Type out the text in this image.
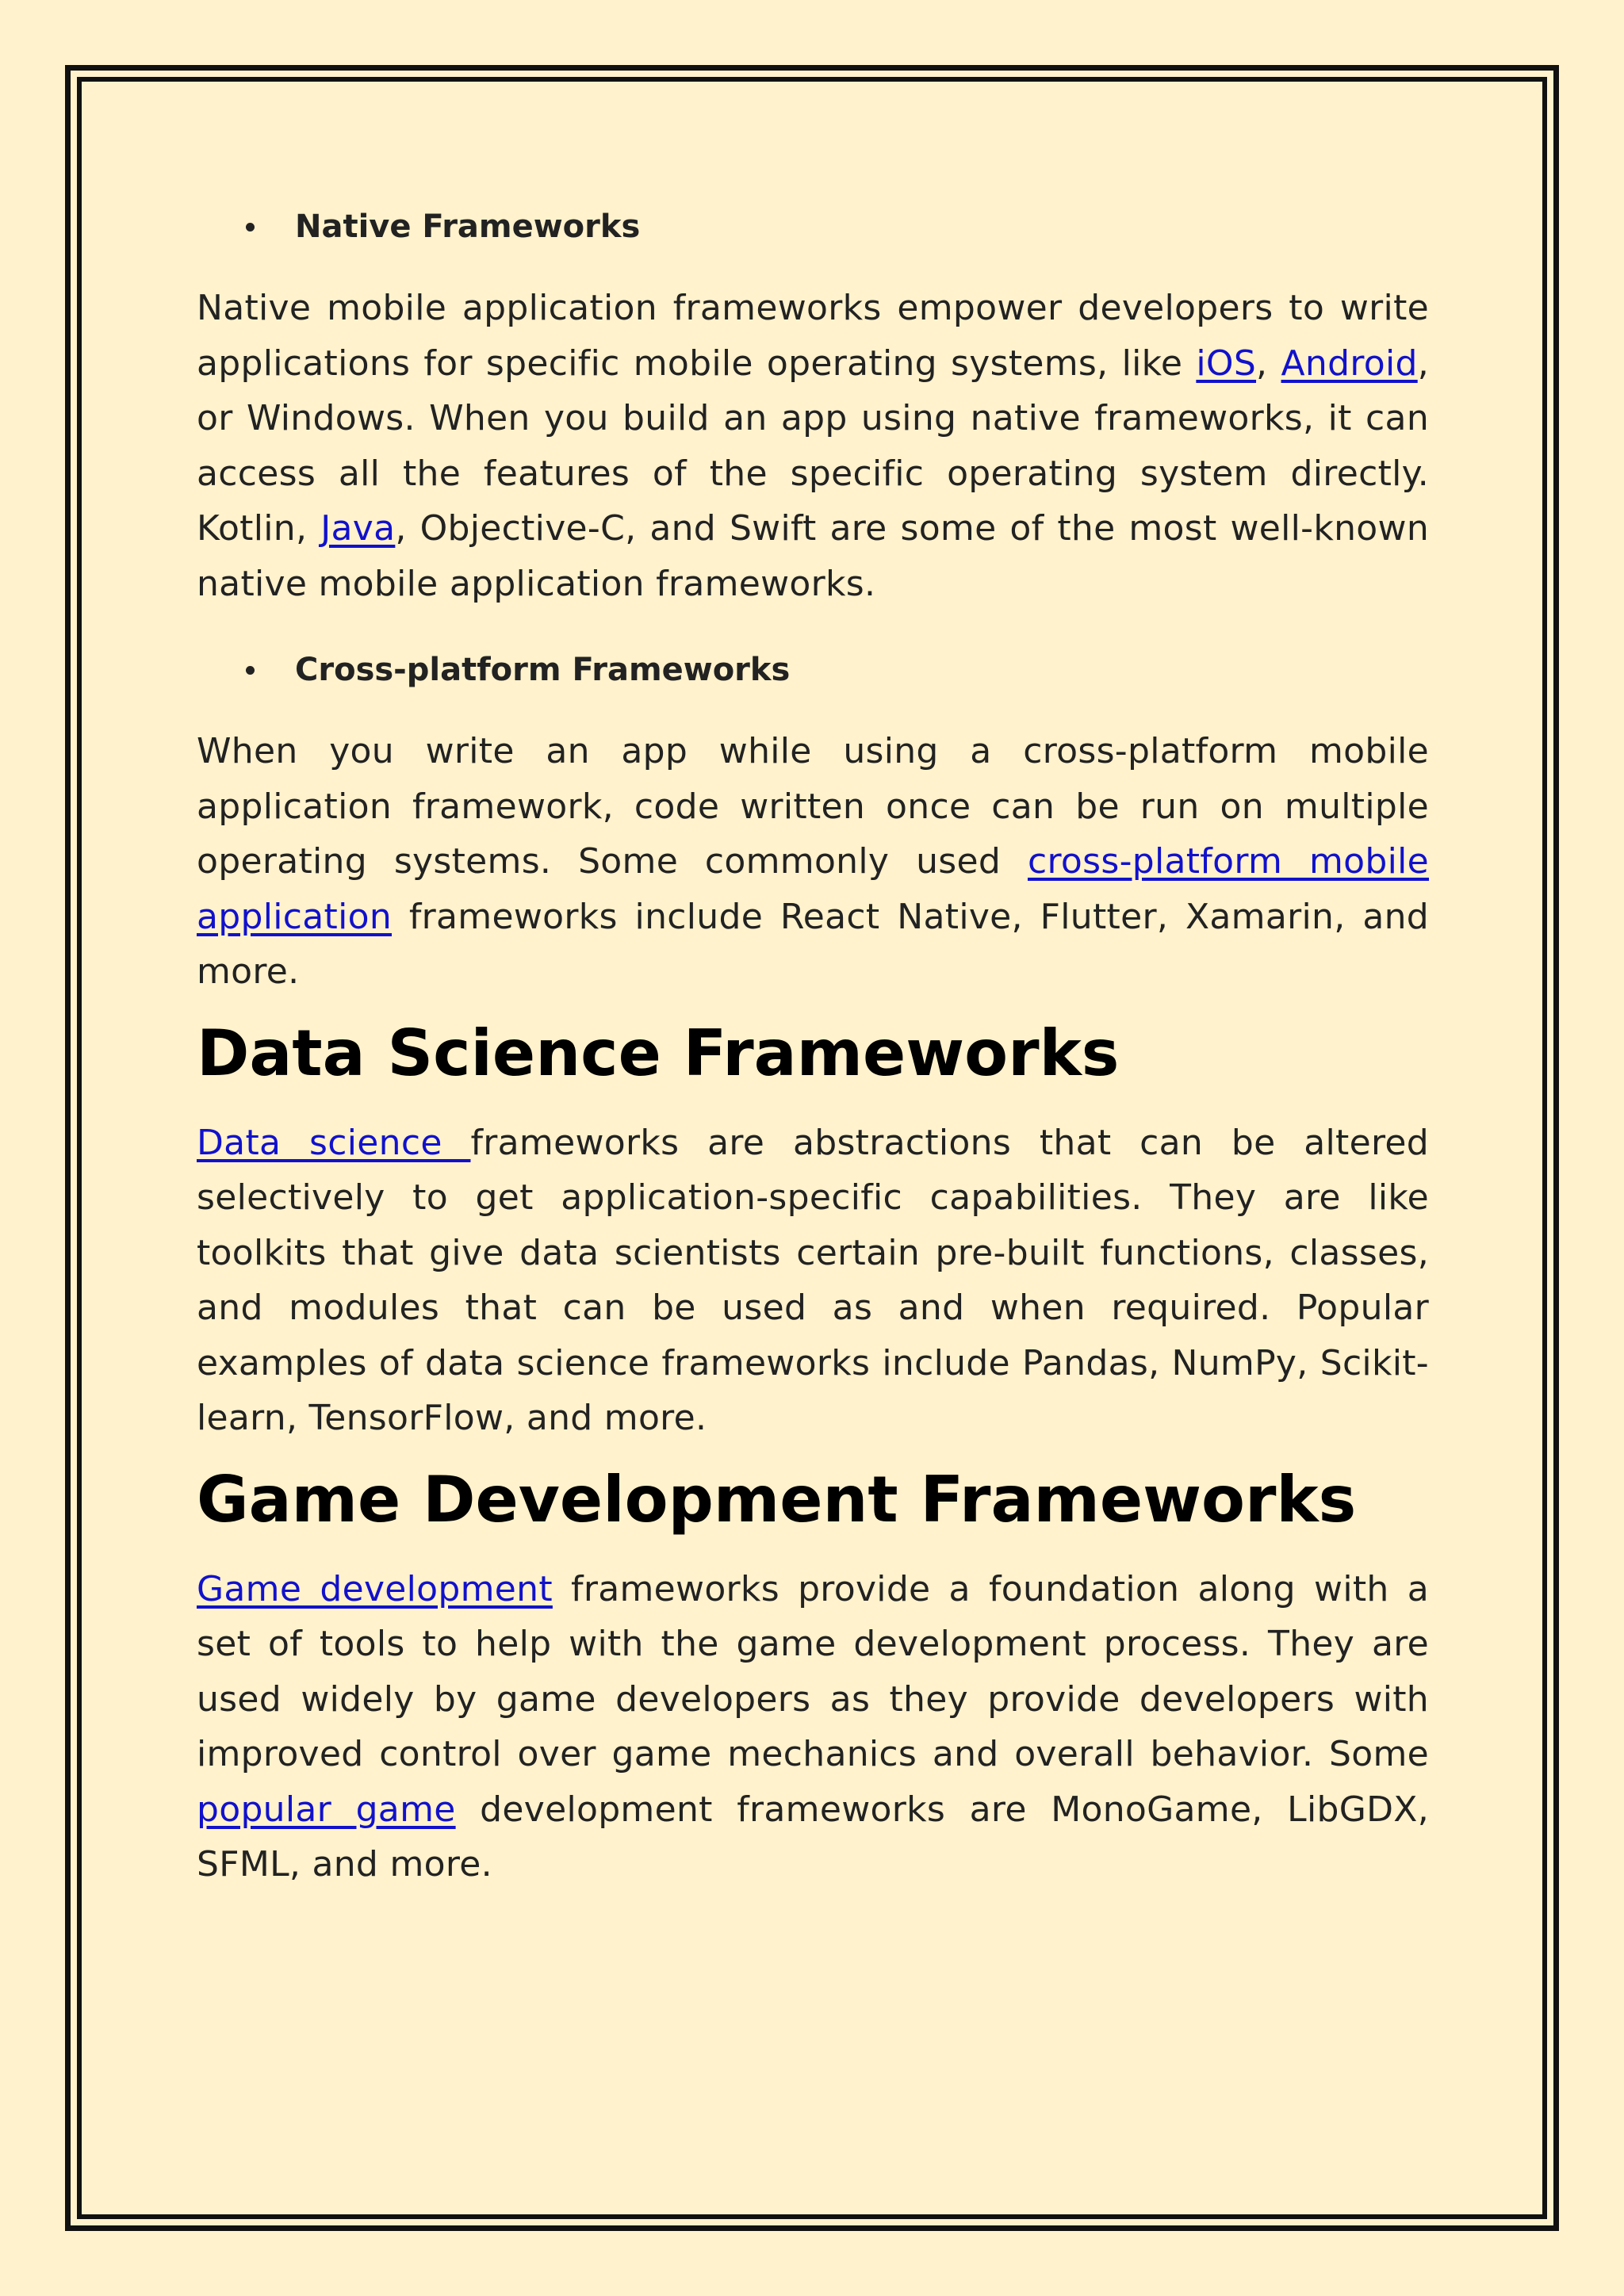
Native Frameworks

Native mobile application frameworks empower developers to write applications for specific mobile operating systems, like iOS, Android, or Windows. When you build an app using native frameworks, it can access all the features of the specific operating system directly. Kotlin, Java, Objective-C, and Swift are some of the most well-known native mobile application frameworks.

Cross-platform Frameworks

When you write an app while using a cross-platform mobile application framework, code written once can be run on multiple operating systems. Some commonly used cross-platform mobile application frameworks include React Native, Flutter, Xamarin, and more.

Data Science Frameworks

Data science frameworks are abstractions that can be altered selectively to get application-specific capabilities. They are like toolkits that give data scientists certain pre-built functions, classes, and modules that can be used as and when required. Popular examples of data science frameworks include Pandas, NumPy, Scikit-learn, TensorFlow, and more.

Game Development Frameworks

Game development frameworks provide a foundation along with a set of tools to help with the game development process. They are used widely by game developers as they provide developers with improved control over game mechanics and overall behavior. Some popular game development frameworks are MonoGame, LibGDX, SFML, and more.
